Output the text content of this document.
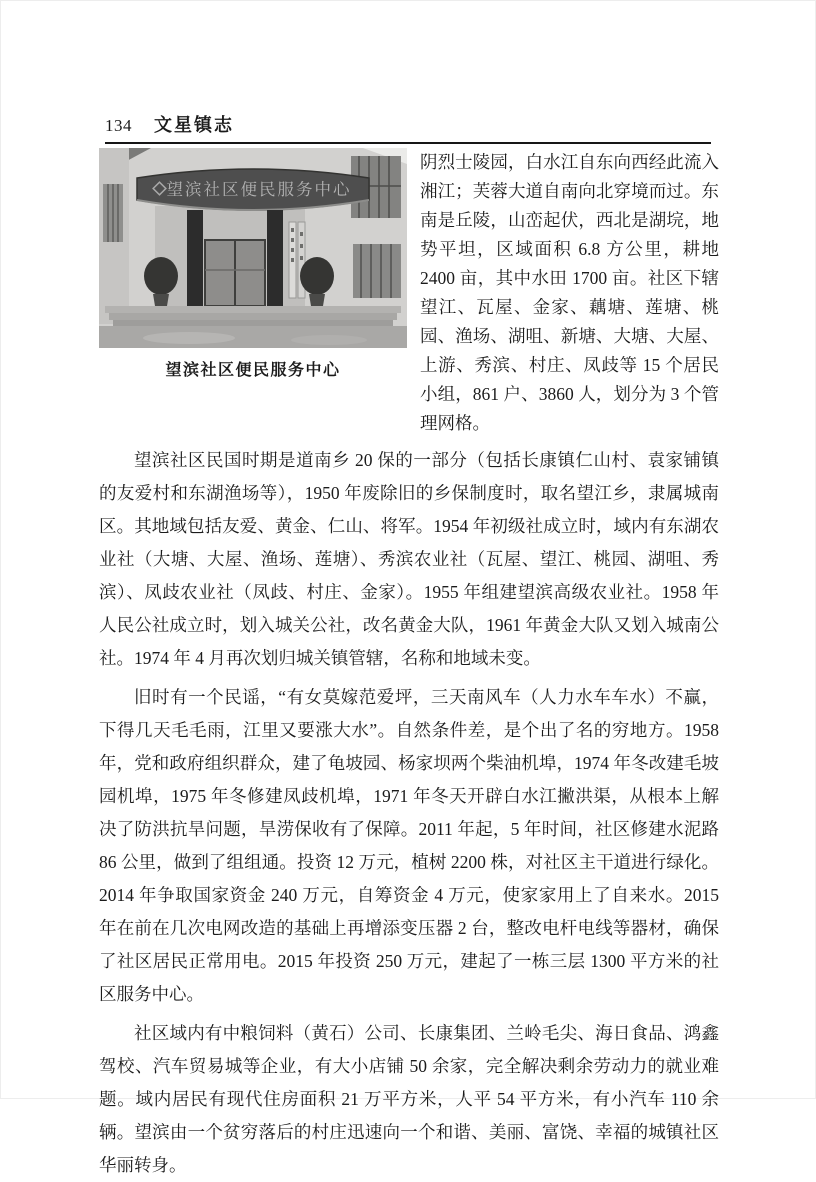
134 文星镇志
望滨社区便民服务中心
望滨社区便民服务中心

阴烈士陵园，白水江自东向西经此流入湘江；芙蓉大道自南向北穿境而过。东南是丘陵，山峦起伏，西北是湖垸，地势平坦，区域面积 6.8 方公里，耕地 2400 亩，其中水田 1700 亩。社区下辖望江、瓦屋、金家、藕塘、莲塘、桃园、渔场、湖咀、新塘、大塘、大屋、上游、秀滨、村庄、凤歧等 15 个居民小组，861 户、3860 人，划分为 3 个管理网格。

望滨社区民国时期是道南乡 20 保的一部分（包括长康镇仁山村、袁家铺镇的友爱村和东湖渔场等），1950 年废除旧的乡保制度时，取名望江乡，隶属城南区。其地域包括友爱、黄金、仁山、将军。1954 年初级社成立时，域内有东湖农业社（大塘、大屋、渔场、莲塘）、秀滨农业社（瓦屋、望江、桃园、湖咀、秀滨）、凤歧农业社（凤歧、村庄、金家）。1955 年组建望滨高级农业社。1958 年人民公社成立时，划入城关公社，改名黄金大队，1961 年黄金大队又划入城南公社。1974 年 4 月再次划归城关镇管辖，名称和地域未变。

旧时有一个民谣，“有女莫嫁范爱坪，三天南风车（人力水车车水）不赢，下得几天毛毛雨，江里又要涨大水”。自然条件差，是个出了名的穷地方。1958 年，党和政府组织群众，建了龟坡园、杨家坝两个柴油机埠，1974 年冬改建毛坡园机埠，1975 年冬修建凤歧机埠，1971 年冬天开辟白水江撇洪渠，从根本上解决了防洪抗旱问题，旱涝保收有了保障。2011 年起，5 年时间，社区修建水泥路 86 公里，做到了组组通。投资 12 万元，植树 2200 株，对社区主干道进行绿化。2014 年争取国家资金 240 万元，自筹资金 4 万元，使家家用上了自来水。2015 年在前在几次电网改造的基础上再增添变压器 2 台，整改电杆电线等器材，确保了社区居民正常用电。2015 年投资 250 万元，建起了一栋三层 1300 平方米的社区服务中心。

社区域内有中粮饲料（黄石）公司、长康集团、兰岭毛尖、海日食品、鸿鑫驾校、汽车贸易城等企业，有大小店铺 50 余家，完全解决剩余劳动力的就业难题。域内居民有现代住房面积 21 万平方米，人平 54 平方米，有小汽车 110 余辆。望滨由一个贫穷落后的村庄迅速向一个和谐、美丽、富饶、幸福的城镇社区华丽转身。
